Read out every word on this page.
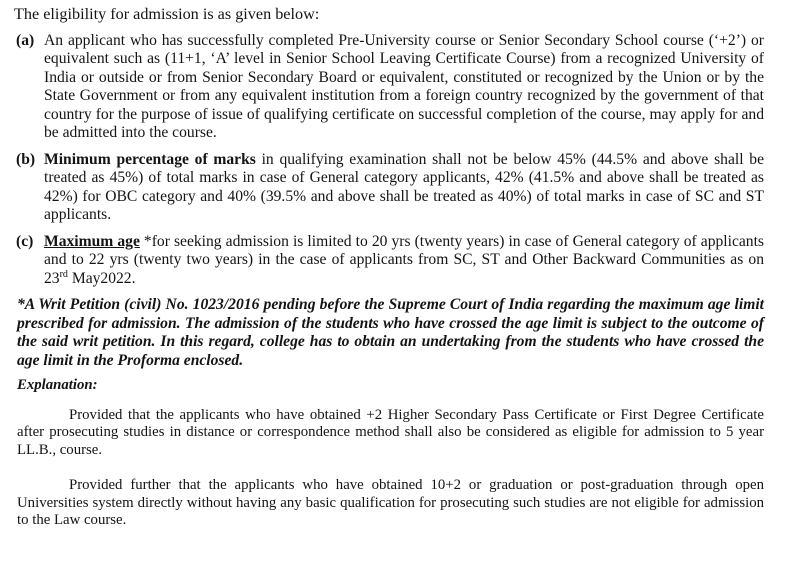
The eligibility for admission is as given below:

(a) An applicant who has successfully completed Pre-University course or Senior Secondary School course (‘+2’) or equivalent such as (11+1, ‘A’ level in Senior School Leaving Certificate Course) from a recognized University of India or outside or from Senior Secondary Board or equivalent, constituted or recognized by the Union or by the State Government or from any equivalent institution from a foreign country recognized by the government of that country for the purpose of issue of qualifying certificate on successful completion of the course, may apply for and be admitted into the course.
(b) Minimum percentage of marks in qualifying examination shall not be below 45% (44.5% and above shall be treated as 45%) of total marks in case of General category applicants, 42% (41.5% and above shall be treated as 42%) for OBC category and 40% (39.5% and above shall be treated as 40%) of total marks in case of SC and ST applicants.
(c) Maximum age *for seeking admission is limited to 20 yrs (twenty years) in case of General category of applicants and to 22 yrs (twenty two years) in the case of applicants from SC, ST and Other Backward Communities as on 23rd May2022.

*A Writ Petition (civil) No. 1023/2016 pending before the Supreme Court of India regarding the maximum age limit prescribed for admission. The admission of the students who have crossed the age limit is subject to the outcome of the said writ petition. In this regard, college has to obtain an undertaking from the students who have crossed the age limit in the Proforma enclosed.

Explanation:

Provided that the applicants who have obtained +2 Higher Secondary Pass Certificate or First Degree Certificate after prosecuting studies in distance or correspondence method shall also be considered as eligible for admission to 5 year LL.B., course.

Provided further that the applicants who have obtained 10+2 or graduation or post-graduation through open Universities system directly without having any basic qualification for prosecuting such studies are not eligible for admission to the Law course.
